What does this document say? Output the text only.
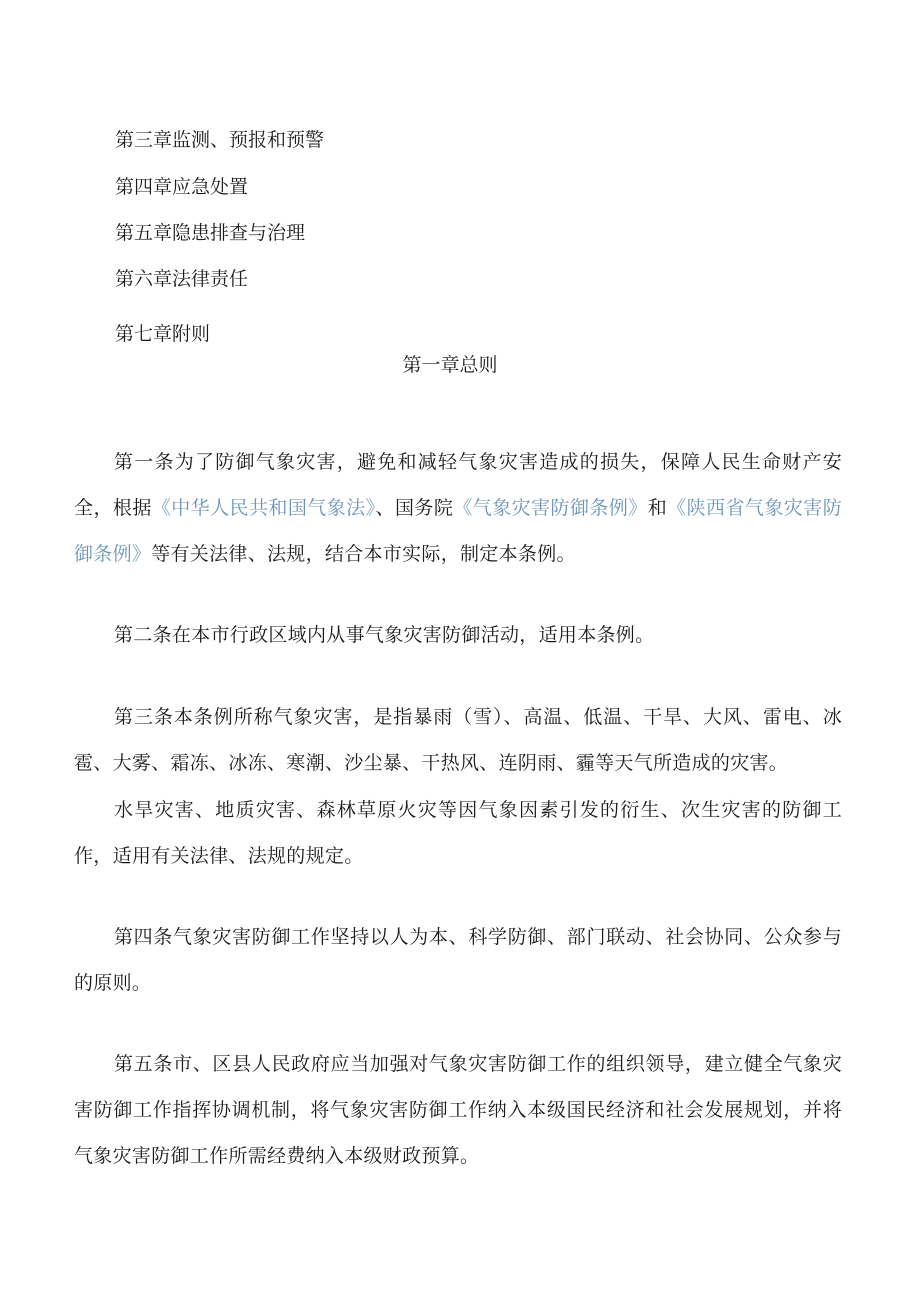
第三章监测、预报和预警
第四章应急处置
第五章隐患排查与治理
第六章法律责任
第七章附则
第一章总则
第一条为了防御气象灾害，避免和减轻气象灾害造成的损失，保障人民生命财产安全，根据《中华人民共和国气象法》、国务院《气象灾害防御条例》和《陕西省气象灾害防御条例》等有关法律、法规，结合本市实际，制定本条例。
第二条在本市行政区域内从事气象灾害防御活动，适用本条例。
第三条本条例所称气象灾害，是指暴雨（雪）、高温、低温、干旱、大风、雷电、冰雹、大雾、霜冻、冰冻、寒潮、沙尘暴、干热风、连阴雨、霾等天气所造成的灾害。
水旱灾害、地质灾害、森林草原火灾等因气象因素引发的衍生、次生灾害的防御工作，适用有关法律、法规的规定。
第四条气象灾害防御工作坚持以人为本、科学防御、部门联动、社会协同、公众参与的原则。
第五条市、区县人民政府应当加强对气象灾害防御工作的组织领导，建立健全气象灾害防御工作指挥协调机制，将气象灾害防御工作纳入本级国民经济和社会发展规划，并将气象灾害防御工作所需经费纳入本级财政预算。
